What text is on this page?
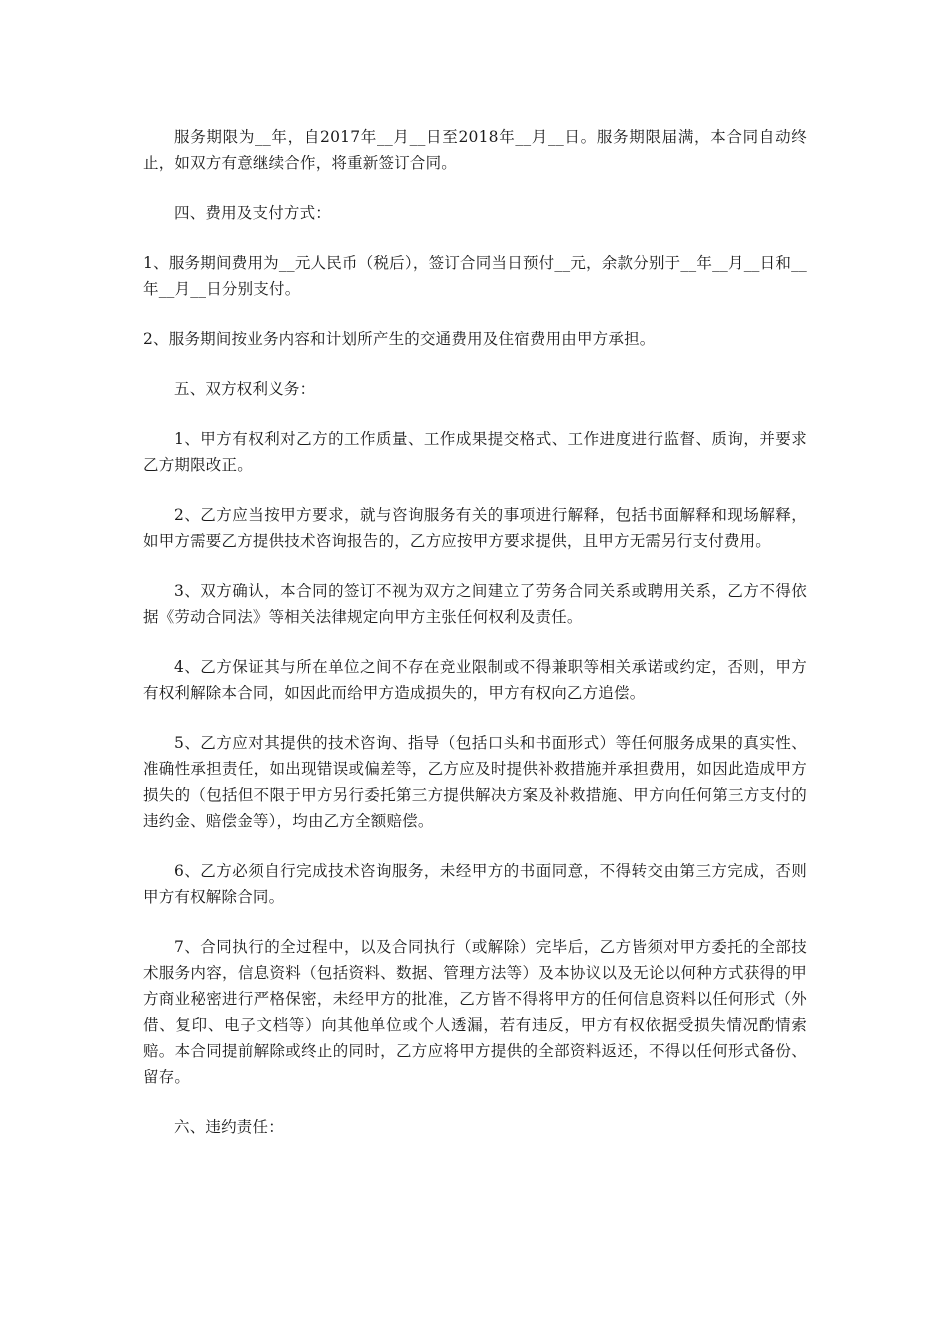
服务期限为__年，自2017年__月__日至2018年__月__日。服务期限届满，本合同自动终止，如双方有意继续合作，将重新签订合同。

四、费用及支付方式：

1、服务期间费用为__元人民币（税后），签订合同当日预付__元，余款分别于__年__月__日和__年__月__日分别支付。

2、服务期间按业务内容和计划所产生的交通费用及住宿费用由甲方承担。

五、双方权利义务：

1、甲方有权利对乙方的工作质量、工作成果提交格式、工作进度进行监督、质询，并要求乙方期限改正。

2、乙方应当按甲方要求，就与咨询服务有关的事项进行解释，包括书面解释和现场解释，如甲方需要乙方提供技术咨询报告的，乙方应按甲方要求提供，且甲方无需另行支付费用。

3、双方确认，本合同的签订不视为双方之间建立了劳务合同关系或聘用关系，乙方不得依据《劳动合同法》等相关法律规定向甲方主张任何权利及责任。

4、乙方保证其与所在单位之间不存在竞业限制或不得兼职等相关承诺或约定，否则，甲方有权利解除本合同，如因此而给甲方造成损失的，甲方有权向乙方追偿。

5、乙方应对其提供的技术咨询、指导（包括口头和书面形式）等任何服务成果的真实性、准确性承担责任，如出现错误或偏差等，乙方应及时提供补救措施并承担费用，如因此造成甲方损失的（包括但不限于甲方另行委托第三方提供解决方案及补救措施、甲方向任何第三方支付的违约金、赔偿金等），均由乙方全额赔偿。

6、乙方必须自行完成技术咨询服务，未经甲方的书面同意，不得转交由第三方完成，否则甲方有权解除合同。

7、合同执行的全过程中，以及合同执行（或解除）完毕后，乙方皆须对甲方委托的全部技术服务内容，信息资料（包括资料、数据、管理方法等）及本协议以及无论以何种方式获得的甲方商业秘密进行严格保密，未经甲方的批准，乙方皆不得将甲方的任何信息资料以任何形式（外借、复印、电子文档等）向其他单位或个人透漏，若有违反，甲方有权依据受损失情况酌情索赔。本合同提前解除或终止的同时，乙方应将甲方提供的全部资料返还，不得以任何形式备份、留存。

六、违约责任：
